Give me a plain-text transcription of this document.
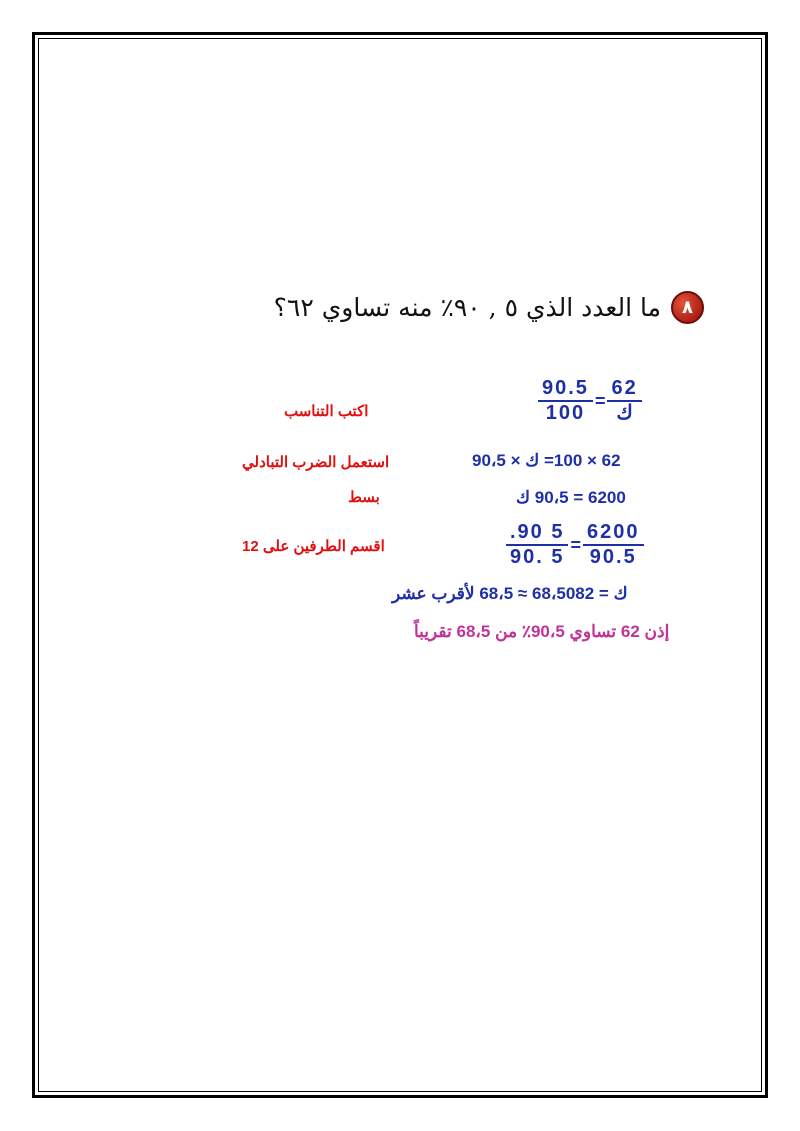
٨
ما العدد الذي ٥ , ٩٠٪ منه تساوي ٦٢؟
$\frac{90.5}{100} = \frac{62}{\text{ك}}$
اكتب التناسب
62 × 100= ك × 90،5
استعمل الضرب التبادلي
6200 = 90،5 ك
بسط
$\frac{.90 5}{90. 5} = \frac{6200}{90.5}$
اقسم الطرفين على 12
ك = 68،5082 ≈ 68،5 لأقرب عشر
إذن 62 تساوي 90،5٪ من 68،5 تقريباً
